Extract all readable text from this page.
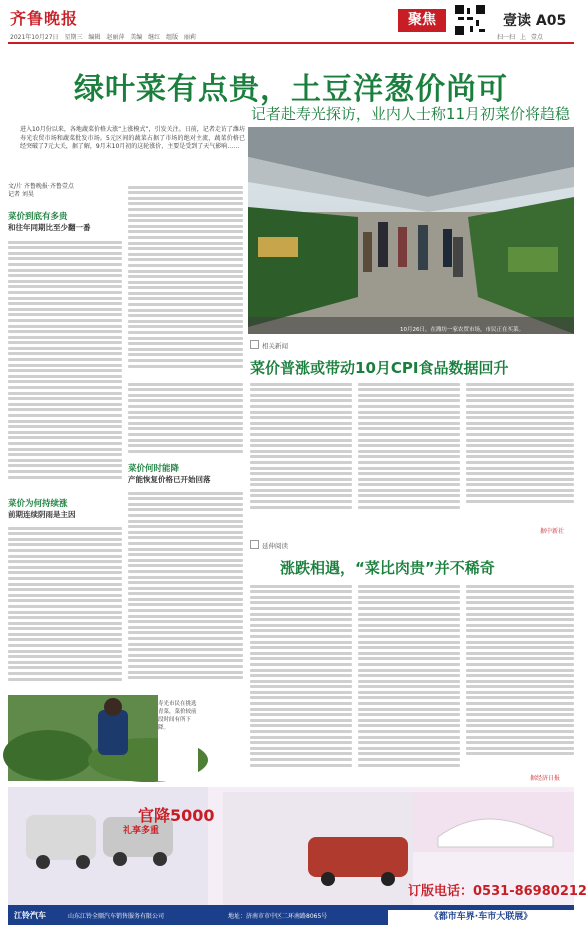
齐鲁晚报
2021年10月27日 星期三 编辑 赵丽萍 美编 继红 组版 丽莉
聚焦	壹读 A05
扫一扫 上 壹点
绿叶菜有点贵，土豆洋葱价尚可
记者赴寿光探访，业内人士称11月初菜价将趋稳
进入10月份以来，各地蔬菜价格大涨“上涨模式”，引发关注。日前，记者走访了潍坊寿光农贸市场和蔬菜批发市场。5元区间的蔬菜占据了市场的绝对主流，蔬菜价格已经突破了7元大关，据了解，9月末10月初的这轮涨价，主要是受到了天气影响……
10月26日，在潍坊一家农贸市场，市民正在买菜。
文/片 齐鲁晚报·齐鲁壹点
记者 刘昊
菜价到底有多贵
和往年同期比至少翻一番
菜价为何持续涨
前期连续阴雨是主因
菜价何时能降
产能恢复价格已开始回落
寿光市民在挑选青菜，菜价较前段时间有所下降。
相关新闻
菜价普涨或带动10月CPI食品数据回升
据中新社
延伸阅读
涨跌相遇，“菜比肉贵”并不稀奇
据经济日报
官降5000
礼享多重
订版电话：0531-86980212
江铃汽车	山东江铃全顺汽车销售服务有限公司	地址：济南市市中区二环南路8065号	《都市车界·车市大联展》
